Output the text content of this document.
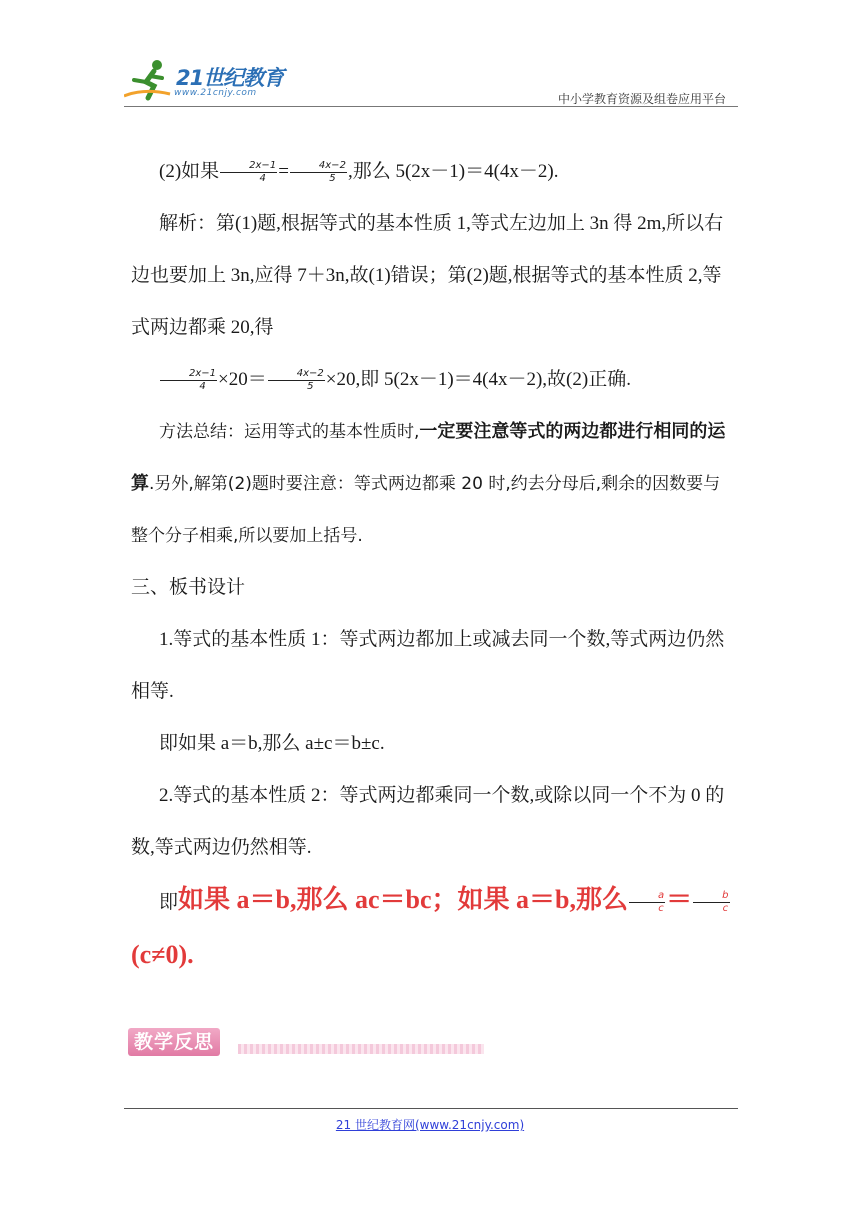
21世纪教育
www.21cnjy.com	中小学教育资源及组卷应用平台

(2)如果 $\frac{2x-1}{4} = \frac{4x-2}{5}$ ,那么 5(2x－1)＝4(4x－2).

解析：第(1)题,根据等式的基本性质 1,等式左边加上 3n 得 2m,所以右边也要加上 3n,应得 7＋3n,故(1)错误；第(2)题,根据等式的基本性质 2,等式两边都乘 20,得

$\frac{2x-1}{4} \times 20= \frac{4x-2}{5} \times 20$,即 5(2x－1)＝4(4x－2),故(2)正确.

方法总结：运用等式的基本性质时,一定要注意等式的两边都进行相同的运算.另外,解第(2)题时要注意：等式两边都乘 20 时,约去分母后,剩余的因数要与整个分子相乘,所以要加上括号.

三、板书设计

1.等式的基本性质 1：等式两边都加上或减去同一个数,等式两边仍然相等.

即如果 a＝b,那么 a±c＝b±c.

2.等式的基本性质 2：等式两边都乘同一个数,或除以同一个不为 0 的数,等式两边仍然相等.

即如果 a＝b,那么 ac＝bc；如果 a＝b,那么 $\frac{a}{c} = \frac{b}{c}$
(c≠0).

教学反思
21 世纪教育网(www.21cnjy.com)
